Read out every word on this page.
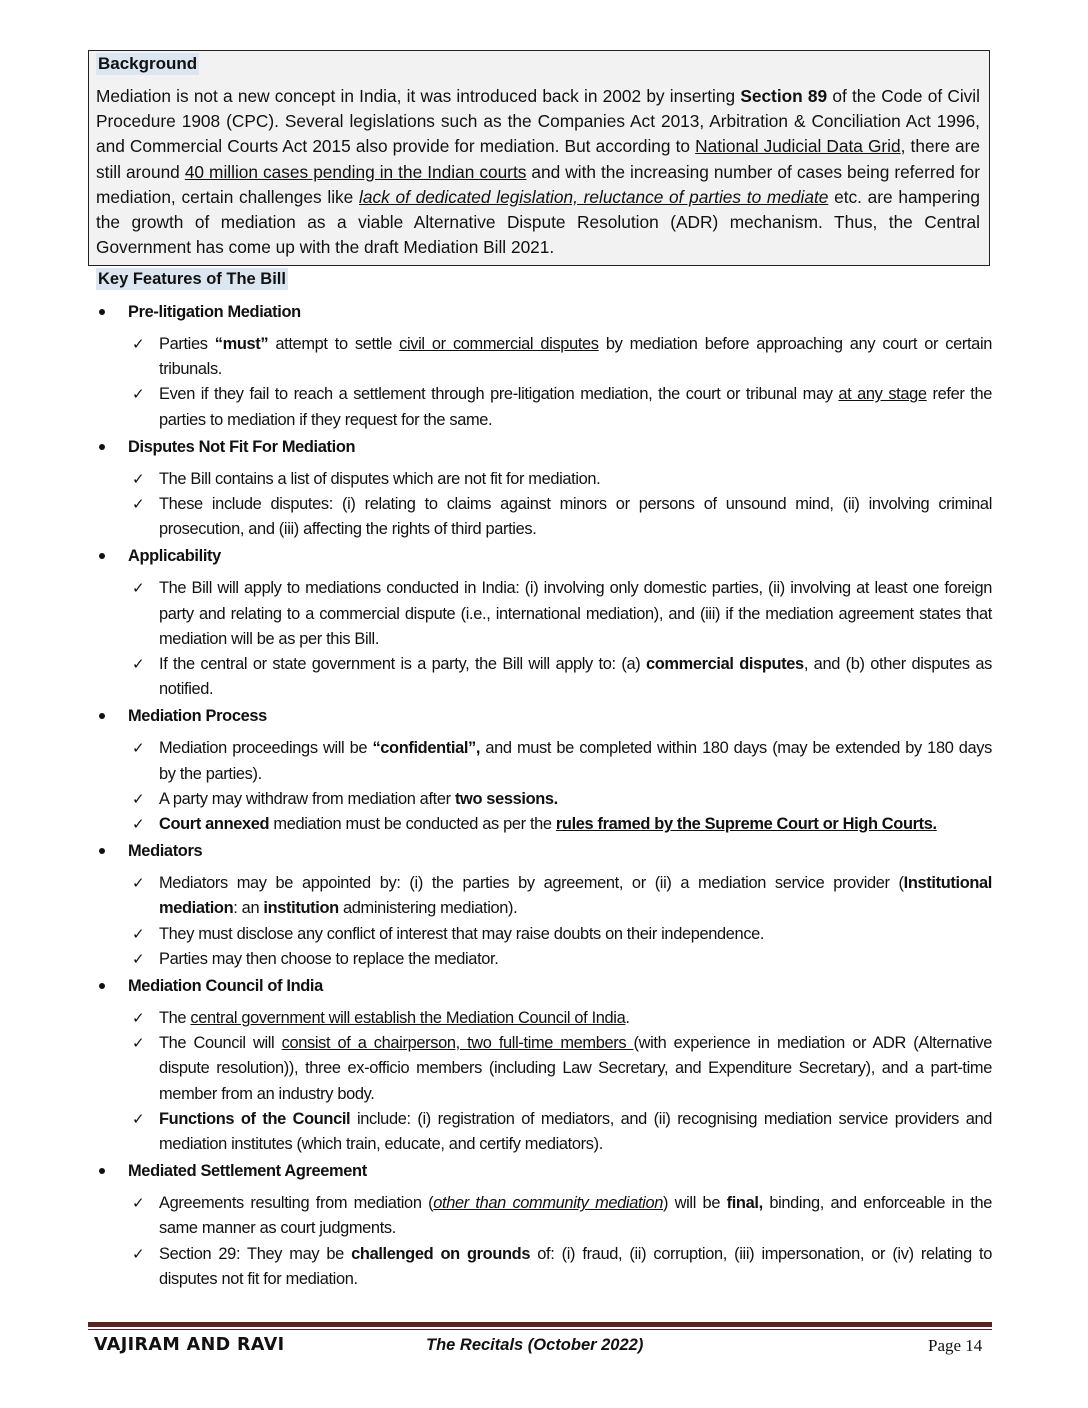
Background
Mediation is not a new concept in India, it was introduced back in 2002 by inserting Section 89 of the Code of Civil Procedure 1908 (CPC). Several legislations such as the Companies Act 2013, Arbitration & Conciliation Act 1996, and Commercial Courts Act 2015 also provide for mediation. But according to National Judicial Data Grid, there are still around 40 million cases pending in the Indian courts and with the increasing number of cases being referred for mediation, certain challenges like lack of dedicated legislation, reluctance of parties to mediate etc. are hampering the growth of mediation as a viable Alternative Dispute Resolution (ADR) mechanism. Thus, the Central Government has come up with the draft Mediation Bill 2021.
Key Features of The Bill
Pre-litigation Mediation
✓ Parties “must” attempt to settle civil or commercial disputes by mediation before approaching any court or certain tribunals.
✓ Even if they fail to reach a settlement through pre-litigation mediation, the court or tribunal may at any stage refer the parties to mediation if they request for the same.
Disputes Not Fit For Mediation
✓ The Bill contains a list of disputes which are not fit for mediation.
✓ These include disputes: (i) relating to claims against minors or persons of unsound mind, (ii) involving criminal prosecution, and (iii) affecting the rights of third parties.
Applicability
✓ The Bill will apply to mediations conducted in India: (i) involving only domestic parties, (ii) involving at least one foreign party and relating to a commercial dispute (i.e., international mediation), and (iii) if the mediation agreement states that mediation will be as per this Bill.
✓ If the central or state government is a party, the Bill will apply to: (a) commercial disputes, and (b) other disputes as notified.
Mediation Process
✓ Mediation proceedings will be “confidential”, and must be completed within 180 days (may be extended by 180 days by the parties).
✓ A party may withdraw from mediation after two sessions.
✓ Court annexed mediation must be conducted as per the rules framed by the Supreme Court or High Courts.
Mediators
✓ Mediators may be appointed by: (i) the parties by agreement, or (ii) a mediation service provider (Institutional mediation: an institution administering mediation).
✓ They must disclose any conflict of interest that may raise doubts on their independence.
✓ Parties may then choose to replace the mediator.
Mediation Council of India
✓ The central government will establish the Mediation Council of India.
✓ The Council will consist of a chairperson, two full-time members (with experience in mediation or ADR (Alternative dispute resolution)), three ex-officio members (including Law Secretary, and Expenditure Secretary), and a part-time member from an industry body.
✓ Functions of the Council include: (i) registration of mediators, and (ii) recognising mediation service providers and mediation institutes (which train, educate, and certify mediators).
Mediated Settlement Agreement
✓ Agreements resulting from mediation (other than community mediation) will be final, binding, and enforceable in the same manner as court judgments.
✓ Section 29: They may be challenged on grounds of: (i) fraud, (ii) corruption, (iii) impersonation, or (iv) relating to disputes not fit for mediation.
VAJIRAM AND RAVI	The Recitals (October 2022)	Page 14
